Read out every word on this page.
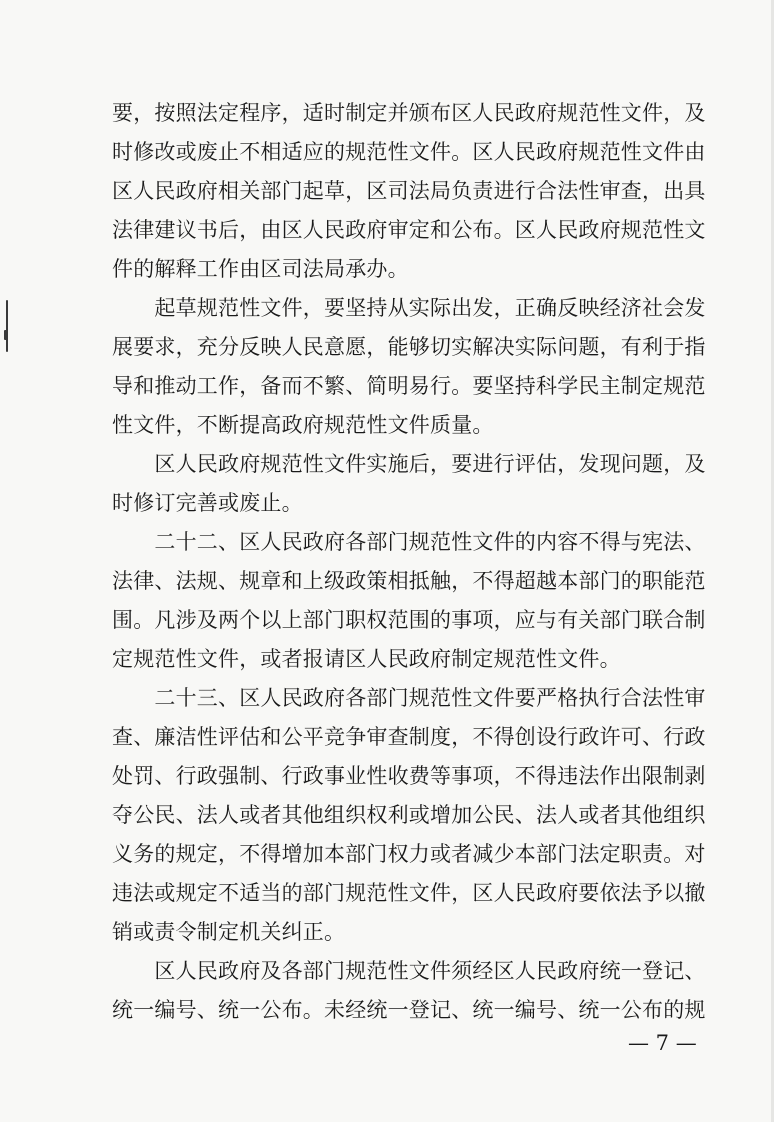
要，按照法定程序，适时制定并颁布区人民政府规范性文件，及
时修改或废止不相适应的规范性文件。区人民政府规范性文件由
区人民政府相关部门起草，区司法局负责进行合法性审查，出具
法律建议书后，由区人民政府审定和公布。区人民政府规范性文
件的解释工作由区司法局承办。
　　起草规范性文件，要坚持从实际出发，正确反映经济社会发
展要求，充分反映人民意愿，能够切实解决实际问题，有利于指
导和推动工作，备而不繁、简明易行。要坚持科学民主制定规范
性文件，不断提高政府规范性文件质量。
　　区人民政府规范性文件实施后，要进行评估，发现问题，及
时修订完善或废止。
　　二十二、区人民政府各部门规范性文件的内容不得与宪法、
法律、法规、规章和上级政策相抵触，不得超越本部门的职能范
围。凡涉及两个以上部门职权范围的事项，应与有关部门联合制
定规范性文件，或者报请区人民政府制定规范性文件。
　　二十三、区人民政府各部门规范性文件要严格执行合法性审
查、廉洁性评估和公平竞争审查制度，不得创设行政许可、行政
处罚、行政强制、行政事业性收费等事项，不得违法作出限制剥
夺公民、法人或者其他组织权利或增加公民、法人或者其他组织
义务的规定，不得增加本部门权力或者减少本部门法定职责。对
违法或规定不适当的部门规范性文件，区人民政府要依法予以撤
销或责令制定机关纠正。
　　区人民政府及各部门规范性文件须经区人民政府统一登记、
统一编号、统一公布。未经统一登记、统一编号、统一公布的规
— 7 —
